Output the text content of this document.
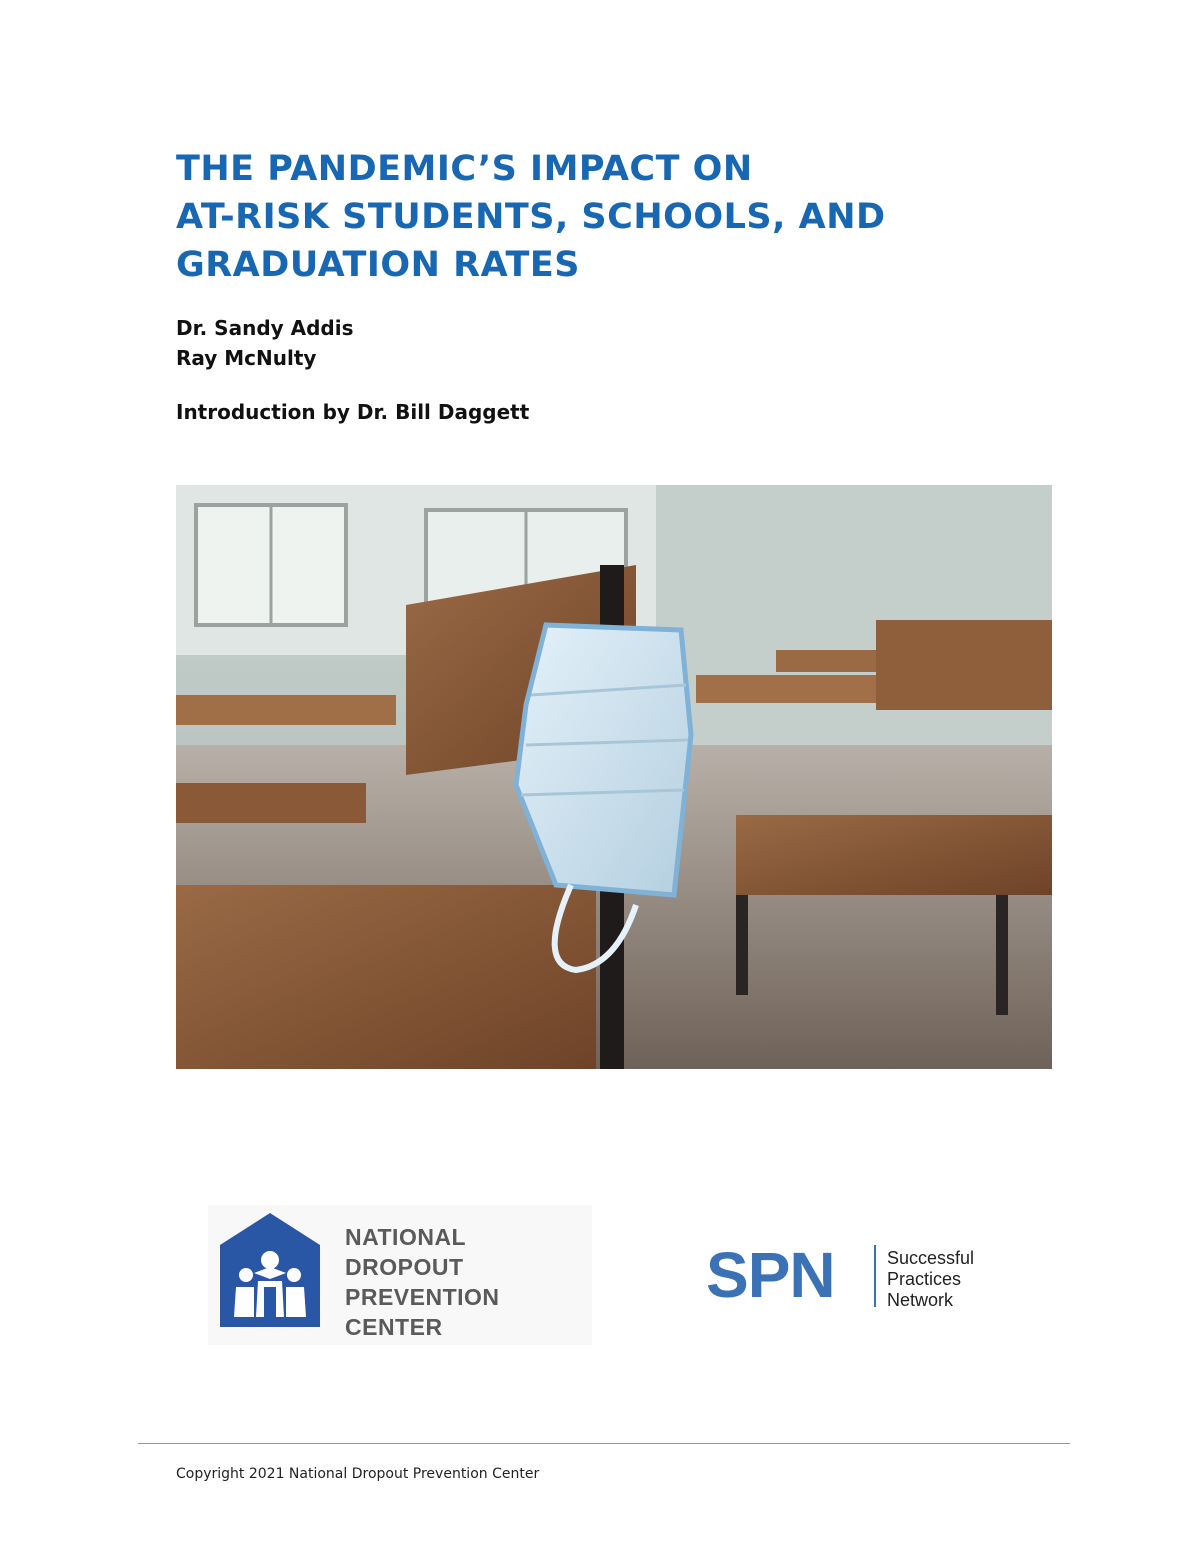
THE PANDEMIC’S IMPACT ON
AT-RISK STUDENTS, SCHOOLS, AND
GRADUATION RATES

Dr. Sandy Addis
Ray McNulty

Introduction by Dr. Bill Daggett

NATIONAL
DROPOUT
PREVENTION
CENTER
SPN	Successful
Practices
Network
Copyright 2021 National Dropout Prevention Center
